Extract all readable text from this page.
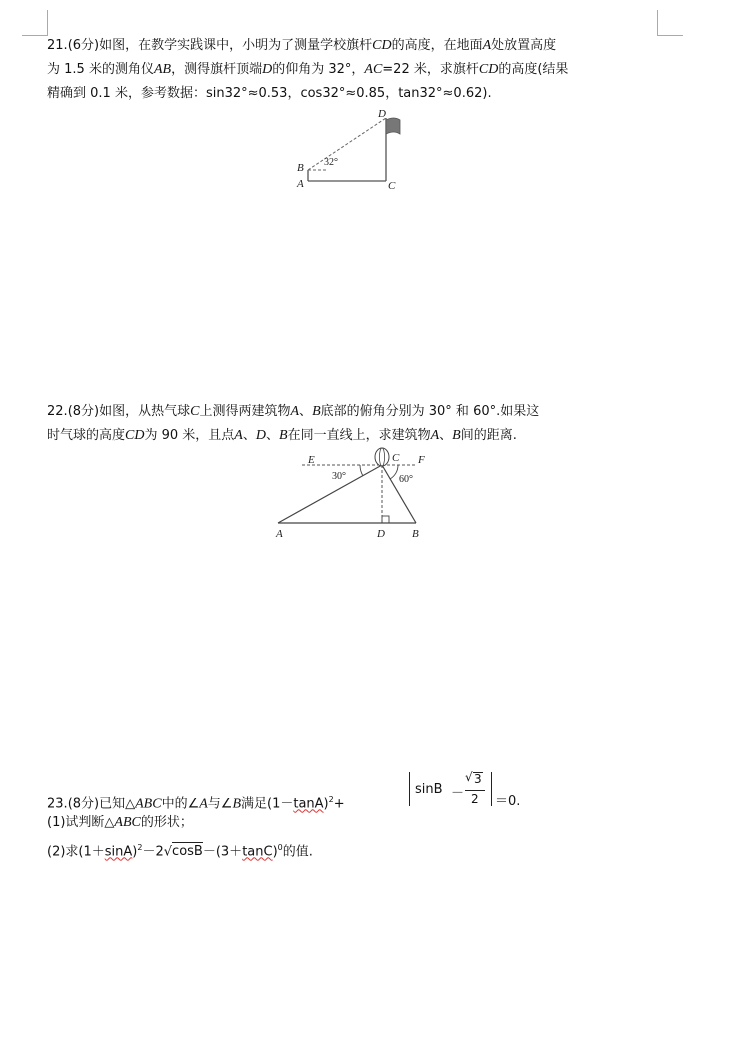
21.(6分)如图，在教学实践课中，小明为了测量学校旗杆CD的高度，在地面A处放置高度
为 1.5 米的测角仪AB，测得旗杆顶端D的仰角为 32°，AC=22 米，求旗杆CD的高度(结果
精确到 0.1 米，参考数据：sin32°≈0.53，cos32°≈0.85，tan32°≈0.62).
D
B
A	C
32°
22.(8分)如图，从热气球C上测得两建筑物A、B底部的俯角分别为 30° 和 60°.如果这
时气球的高度CD为 90 米，且点A、D、B在同一直线上，求建筑物A、B间的距离.
E	C F
30°	60°
A	D B
23.(8分)已知△ABC中的∠A与∠B满足$(1-\tan A)^2+$
sinB －
√ 3
2 ＝0.
(1)试判断△ABC的形状；
(2)求$(1+\sin A)^2-2√\cos B-(3+\tan C)^0$的值.
